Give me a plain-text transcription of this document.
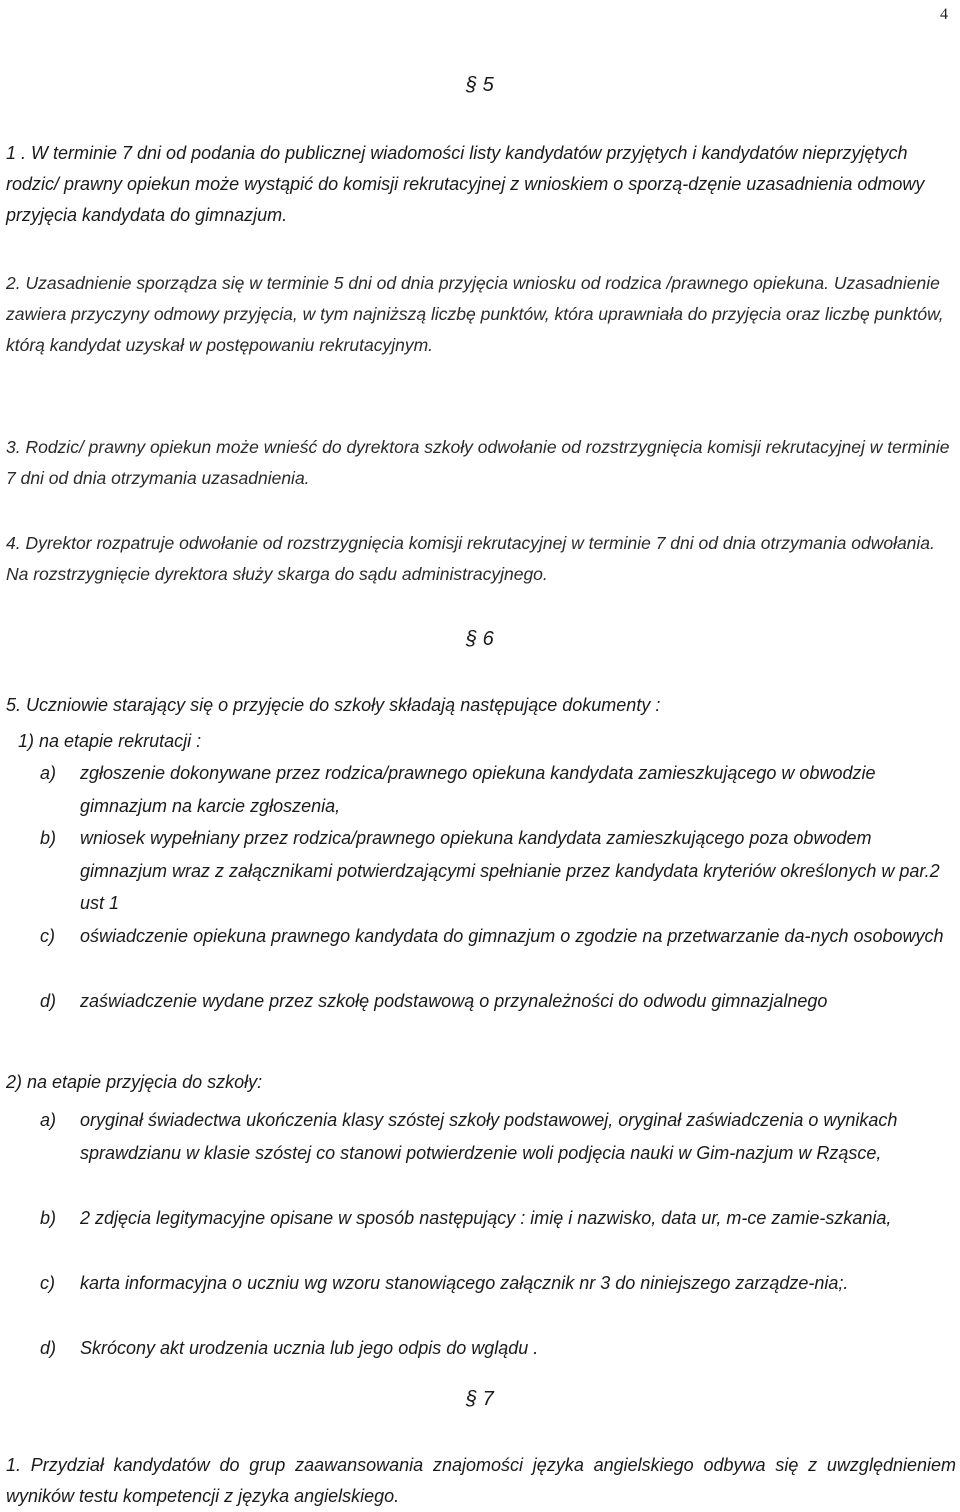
4
§ 5
1 . W terminie 7 dni od podania do publicznej wiadomości listy kandydatów przyjętych i kandydatów nieprzyjętych rodzic/ prawny opiekun może wystąpić do komisji rekrutacyjnej z wnioskiem o sporzą-dzęnie uzasadnienia odmowy przyjęcia kandydata do gimnazjum.
2. Uzasadnienie sporządza się w terminie 5 dni od dnia przyjęcia wniosku od rodzica /prawnego opiekuna. Uzasadnienie zawiera przyczyny odmowy przyjęcia, w tym najniższą liczbę punktów, która uprawniała do przyjęcia oraz liczbę punktów, którą kandydat uzyskał w postępowaniu rekrutacyjnym.
3. Rodzic/ prawny opiekun może wnieść do dyrektora szkoły odwołanie od rozstrzygnięcia komisji rekrutacyjnej w terminie 7 dni od dnia otrzymania uzasadnienia.
4. Dyrektor rozpatruje odwołanie od rozstrzygnięcia komisji rekrutacyjnej w terminie 7 dni od dnia otrzymania odwołania. Na rozstrzygnięcie dyrektora służy skarga do sądu administracyjnego.
§ 6
5. Uczniowie starający się o przyjęcie do szkoły składają następujące dokumenty :
1) na etapie rekrutacji :
a)	zgłoszenie dokonywane przez rodzica/prawnego opiekuna kandydata zamieszkującego w obwodzie gimnazjum na karcie zgłoszenia,
b)	wniosek wypełniany przez rodzica/prawnego opiekuna kandydata zamieszkującego poza obwodem gimnazjum wraz z załącznikami potwierdzającymi spełnianie przez kandydata kryteriów określonych w par.2 ust 1
c)	oświadczenie opiekuna prawnego kandydata do gimnazjum o zgodzie na przetwarzanie da-nych osobowych
d)	zaświadczenie wydane przez szkołę podstawową o przynależności do odwodu gimnazjalnego
2) na etapie przyjęcia do szkoły:
a)	oryginał świadectwa ukończenia klasy szóstej szkoły podstawowej, oryginał zaświadczenia o wynikach sprawdzianu w klasie szóstej co stanowi potwierdzenie woli podjęcia nauki w Gim-nazjum w Rząsce,
b)	2 zdjęcia legitymacyjne opisane w sposób następujący : imię i nazwisko, data ur, m-ce zamie-szkania,
c)	karta informacyjna o uczniu wg wzoru stanowiącego załącznik nr 3 do niniejszego zarządze-nia;.
d)	Skrócony akt urodzenia ucznia lub jego odpis do wglądu .
§ 7
1. Przydział kandydatów do grup zaawansowania znajomości języka angielskiego odbywa się z uwzględnieniem wyników testu kompetencji z języka angielskiego.
